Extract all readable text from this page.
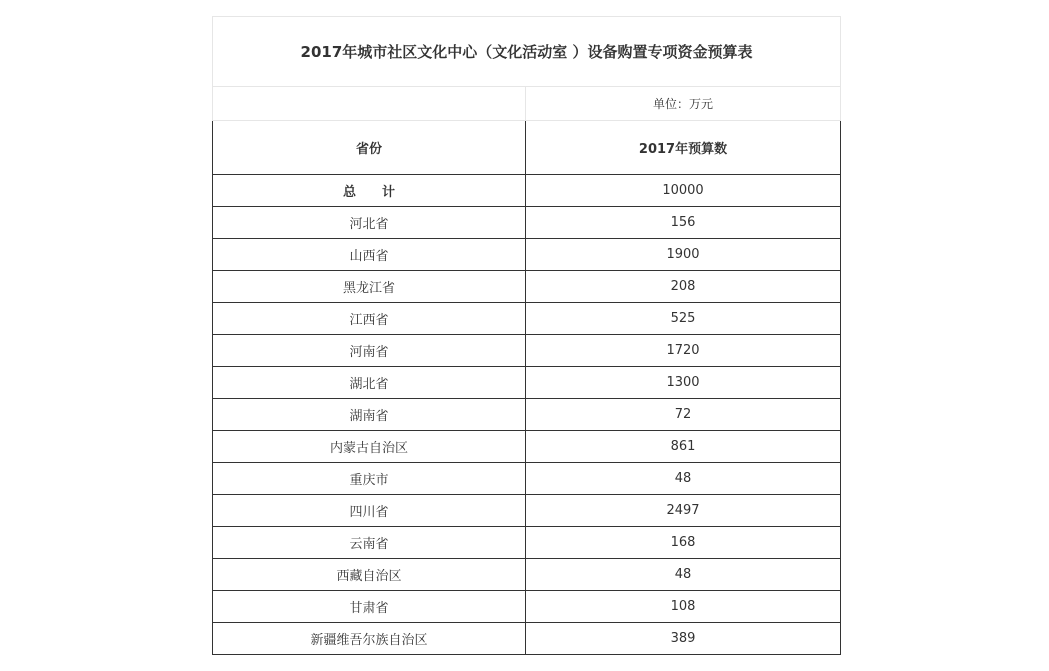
2017年城市社区文化中心（文化活动室 ）设备购置专项资金预算表	
	单位：万元
省份	2017年预算数
总　　计	10000
河北省	156
山西省	1900
黑龙江省	208
江西省	525
河南省	1720
湖北省	1300
湖南省	72
内蒙古自治区	861
重庆市	48
四川省	2497
云南省	168
西藏自治区	48
甘肃省	108
新疆维吾尔族自治区	389
